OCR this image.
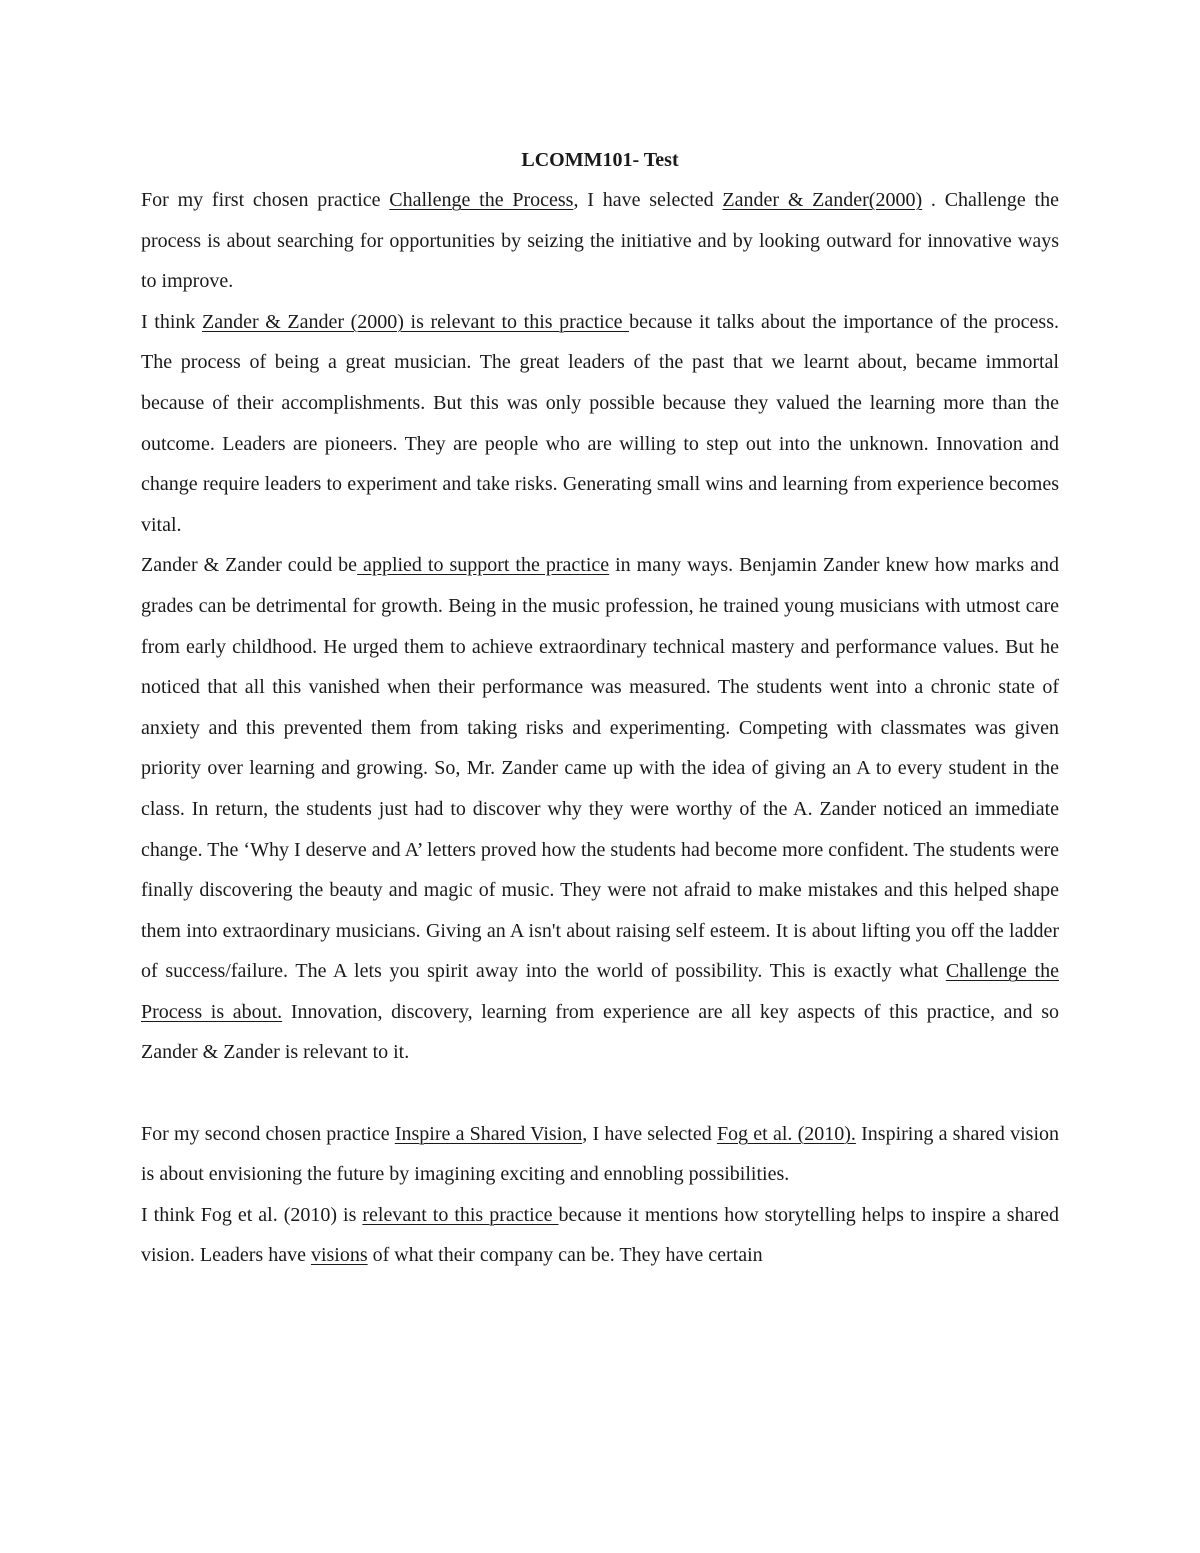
LCOMM101- Test

For my first chosen practice Challenge the Process, I have selected Zander & Zander(2000) . Challenge the process is about searching for opportunities by seizing the initiative and by looking outward for innovative ways to improve.

I think Zander & Zander (2000) is relevant to this practice because it talks about the importance of the process. The process of being a great musician. The great leaders of the past that we learnt about, became immortal because of their accomplishments. But this was only possible because they valued the learning more than the outcome. Leaders are pioneers. They are people who are willing to step out into the unknown. Innovation and change require leaders to experiment and take risks. Generating small wins and learning from experience becomes vital.

Zander & Zander could be applied to support the practice in many ways. Benjamin Zander knew how marks and grades can be detrimental for growth. Being in the music profession, he trained young musicians with utmost care from early childhood. He urged them to achieve extraordinary technical mastery and performance values. But he noticed that all this vanished when their performance was measured. The students went into a chronic state of anxiety and this prevented them from taking risks and experimenting. Competing with classmates was given priority over learning and growing. So, Mr. Zander came up with the idea of giving an A to every student in the class. In return, the students just had to discover why they were worthy of the A. Zander noticed an immediate change. The ‘Why I deserve and A’ letters proved how the students had become more confident. The students were finally discovering the beauty and magic of music. They were not afraid to make mistakes and this helped shape them into extraordinary musicians. Giving an A isn't about raising self esteem. It is about lifting you off the ladder of success/failure. The A lets you spirit away into the world of possibility. This is exactly what Challenge the Process is about. Innovation, discovery, learning from experience are all key aspects of this practice, and so Zander & Zander is relevant to it.

For my second chosen practice Inspire a Shared Vision, I have selected Fog et al. (2010). Inspiring a shared vision is about envisioning the future by imagining exciting and ennobling possibilities.

I think Fog et al. (2010) is relevant to this practice because it mentions how storytelling helps to inspire a shared vision. Leaders have visions of what their company can be. They have certain
